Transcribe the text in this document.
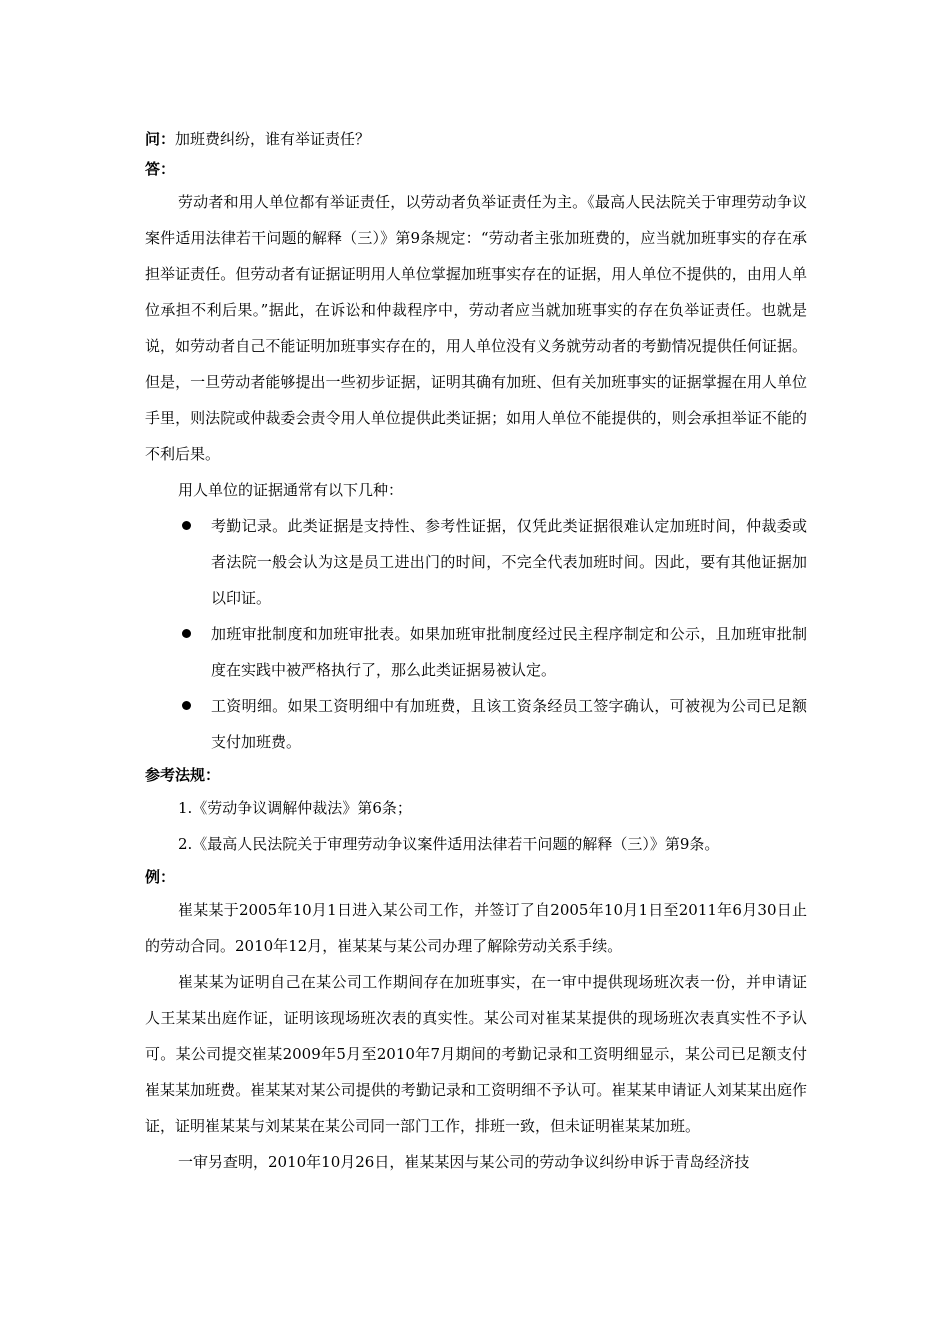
问：加班费纠纷，谁有举证责任？

答：

劳动者和用人单位都有举证责任，以劳动者负举证责任为主。《最高人民法院关于审理劳动争议案件适用法律若干问题的解释（三）》第9条规定：“劳动者主张加班费的，应当就加班事实的存在承担举证责任。但劳动者有证据证明用人单位掌握加班事实存在的证据，用人单位不提供的，由用人单位承担不利后果。”据此，在诉讼和仲裁程序中，劳动者应当就加班事实的存在负举证责任。也就是说，如劳动者自己不能证明加班事实存在的，用人单位没有义务就劳动者的考勤情况提供任何证据。但是，一旦劳动者能够提出一些初步证据，证明其确有加班、但有关加班事实的证据掌握在用人单位手里，则法院或仲裁委会责令用人单位提供此类证据；如用人单位不能提供的，则会承担举证不能的不利后果。

用人单位的证据通常有以下几种：

考勤记录。此类证据是支持性、参考性证据，仅凭此类证据很难认定加班时间，仲裁委或者法院一般会认为这是员工进出门的时间，不完全代表加班时间。因此，要有其他证据加以印证。
加班审批制度和加班审批表。如果加班审批制度经过民主程序制定和公示，且加班审批制度在实践中被严格执行了，那么此类证据易被认定。
工资明细。如果工资明细中有加班费，且该工资条经员工签字确认，可被视为公司已足额支付加班费。

参考法规：

1.《劳动争议调解仲裁法》第6条；
2.《最高人民法院关于审理劳动争议案件适用法律若干问题的解释（三）》第9条。

例：

崔某某于2005年10月1日进入某公司工作，并签订了自2005年10月1日至2011年6月30日止的劳动合同。2010年12月，崔某某与某公司办理了解除劳动关系手续。

崔某某为证明自己在某公司工作期间存在加班事实，在一审中提供现场班次表一份，并申请证人王某某出庭作证，证明该现场班次表的真实性。某公司对崔某某提供的现场班次表真实性不予认可。某公司提交崔某2009年5月至2010年7月期间的考勤记录和工资明细显示，某公司已足额支付崔某某加班费。崔某某对某公司提供的考勤记录和工资明细不予认可。崔某某申请证人刘某某出庭作证，证明崔某某与刘某某在某公司同一部门工作，排班一致，但未证明崔某某加班。

一审另查明，2010年10月26日，崔某某因与某公司的劳动争议纠纷申诉于青岛经济技
